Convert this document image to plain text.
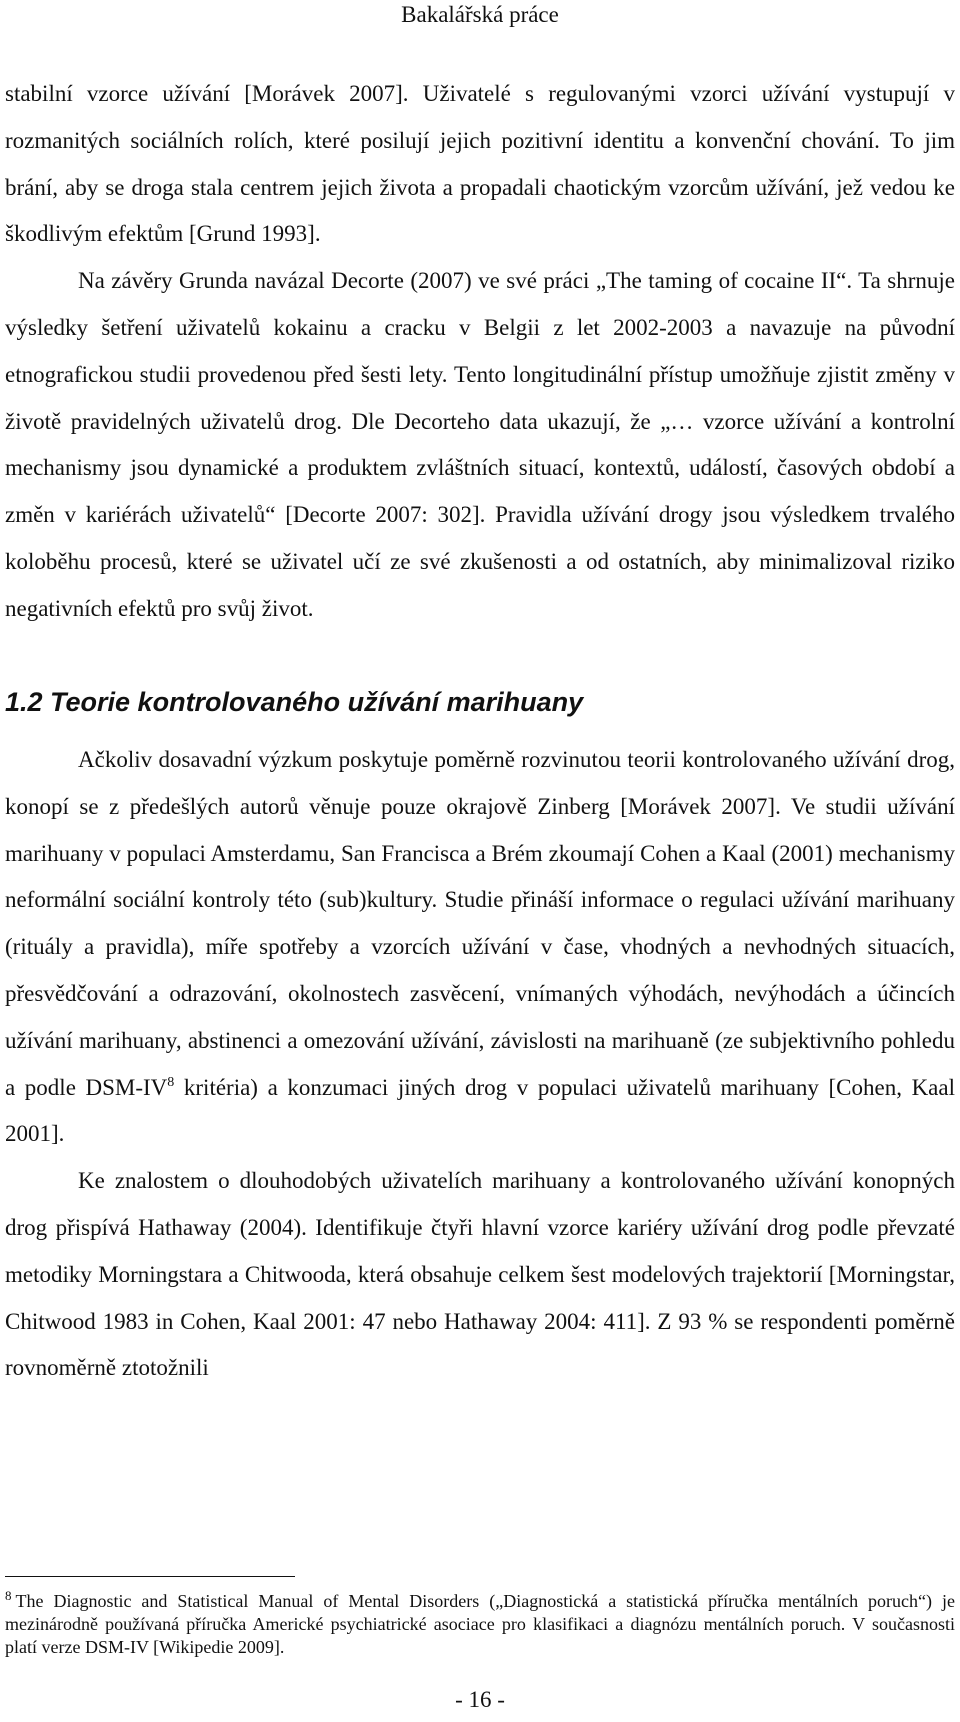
Bakalářská práce

stabilní vzorce užívání [Morávek 2007]. Uživatelé s regulovanými vzorci užívání vystupují v rozmanitých sociálních rolích, které posilují jejich pozitivní identitu a konvenční chování. To jim brání, aby se droga stala centrem jejich života a propadali chaotickým vzorcům užívání, jež vedou ke škodlivým efektům [Grund 1993].

Na závěry Grunda navázal Decorte (2007) ve své práci „The taming of cocaine II“. Ta shrnuje výsledky šetření uživatelů kokainu a cracku v Belgii z let 2002-2003 a navazuje na původní etnografickou studii provedenou před šesti lety. Tento longitudinální přístup umožňuje zjistit změny v životě pravidelných uživatelů drog. Dle Decorteho data ukazují, že „… vzorce užívání a kontrolní mechanismy jsou dynamické a produktem zvláštních situací, kontextů, událostí, časových období a změn v kariérách uživatelů“ [Decorte 2007: 302]. Pravidla užívání drogy jsou výsledkem trvalého koloběhu procesů, které se uživatel učí ze své zkušenosti a od ostatních, aby minimalizoval riziko negativních efektů pro svůj život.

1.2 Teorie kontrolovaného užívání marihuany

Ačkoliv dosavadní výzkum poskytuje poměrně rozvinutou teorii kontrolovaného užívání drog, konopí se z předešlých autorů věnuje pouze okrajově Zinberg [Morávek 2007]. Ve studii užívání marihuany v populaci Amsterdamu, San Francisca a Brém zkoumají Cohen a Kaal (2001) mechanismy neformální sociální kontroly této (sub)kultury. Studie přináší informace o regulaci užívání marihuany (rituály a pravidla), míře spotřeby a vzorcích užívání v čase, vhodných a nevhodných situacích, přesvědčování a odrazování, okolnostech zasvěcení, vnímaných výhodách, nevýhodách a účincích užívání marihuany, abstinenci a omezování užívání, závislosti na marihuaně (ze subjektivního pohledu a podle DSM-$IV^8$ kritéria) a konzumaci jiných drog v populaci uživatelů marihuany [Cohen, Kaal 2001].

Ke znalostem o dlouhodobých uživatelích marihuany a kontrolovaného užívání konopných drog přispívá Hathaway (2004). Identifikuje čtyři hlavní vzorce kariéry užívání drog podle převzaté metodiky Morningstara a Chitwooda, která obsahuje celkem šest modelových trajektorií [Morningstar, Chitwood 1983 in Cohen, Kaal 2001: 47 nebo Hathaway 2004: 411]. Z 93 % se respondenti poměrně rovnoměrně ztotožnili

$^8$ The Diagnostic and Statistical Manual of Mental Disorders („Diagnostická a statistická příručka mentálních poruch“) je mezinárodně používaná příručka Americké psychiatrické asociace pro klasifikaci a diagnózu mentálních poruch. V současnosti platí verze DSM-IV [Wikipedie 2009].

- 16 -
